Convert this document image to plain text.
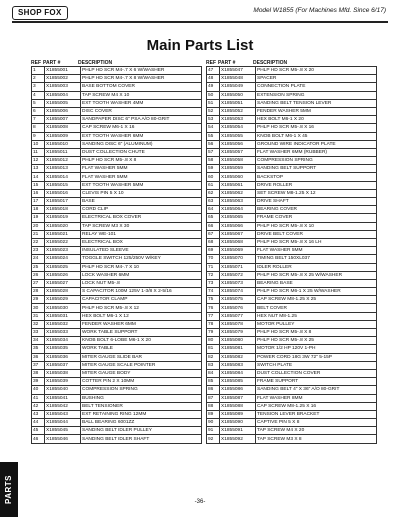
SHOP FOX	Model W1855 (For Machines Mfd. Since 6/17)
Main Parts List
REF PART #	DESCRIPTION
1	X1855001	PHLP HD SCR M4-.7 X 6 W/WASHER
2	X1855002	PHLP HD SCR M4-.7 X 8 W/WASHER
3	X1855003	BASE BOTTOM COVER
4	X1855004	TAP SCREW M4 X 10
5	X1855005	EXT TOOTH WASHER 4MM
6	X1855006	DISC COVER
7	X1855007	SANDPAPER DISC 6" PSA A/O 80-GRIT
8	X1855008	CAP SCREW M6-1 X 16
9	X1855009	EXT TOOTH WASHER 6MM
10	X1855010	SANDING DISC 6" (ALUMINUM)
11	X1855011	DUST COLLECTION CHUTE
12	X1855012	PHLP HD SCR M5-.8 X 8
13	X1855013	FLAT WASHER 5MM
14	X1855014	FLAT WASHER 5MM
15	X1855015	EXT TOOTH WASHER 5MM
16	X1855016	CLEVIS PIN 5 X 10
17	X1855017	BASE
18	X1855018	CORD CLIP
19	X1855019	ELECTRICAL BOX COVER
20	X1855020	TAP SCREW M3 X 30
21	X1855021	RELAY WE-101
22	X1855022	ELECTRICAL BOX
23	X1855023	INSULATED SLEEVE
24	X1855024	TOGGLE SWITCH 125/250V W/KEY
25	X1855025	PHLP HD SCR M4-.7 X 10
26	X1855026	LOCK WASHER 6MM
27	X1855027	LOCK NUT M5-.8
28	X1855028	S CAPACITOR 100M 125V 1-3/8 X 2-5/16
29	X1855029	CAPACITOR CLAMP
30	X1855030	PHLP HD SCR M5-.8 X 12
31	X1855031	HEX BOLT M6-1 X 12
32	X1855032	FENDER WASHER 6MM
33	X1855033	WORK TABLE SUPPORT
34	X1855034	KNOB BOLT 6-LOBE M6-1 X 20
35	X1855035	WORK TABLE
36	X1855036	MITER GAUGE SLIDE BAR
37	X1855037	MITER GAUGE SCALE POINTER
38	X1855038	MITER GAUGE BODY
39	X1855039	COTTER PIN 2 X 10MM
40	X1855040	COMPRESSION SPRING
41	X1855041	BUSHING
42	X1855042	BELT TENSIONER
43	X1855043	EXT RETAINING RING 12MM
44	X1855044	BALL BEARING 6001ZZ
45	X1855045	SANDING BELT IDLER PULLEY
46	X1855046	SANDING BELT IDLER SHAFT
REF PART #	DESCRIPTION
47	X1855047	PHLP HD SCR M5-.8 X 20
48	X1855048	SPACER
49	X1855049	CONNECTION PLATE
50	X1855050	EXTENSION SPRING
51	X1855051	SANDING BELT TENSION LEVER
52	X1855052	FENDER WASHER 5MM
53	X1855053	HEX BOLT M6-1 X 20
54	X1855054	PHLP HD SCR M5-.8 X 16
55	X1855055	KNOB BOLT M6-1 X 45
56	X1855056	GROUND WIRE INDICATOR PLATE
57	X1855057	FLAT WASHER 6MM (RUBBER)
58	X1855058	COMPRESSION SPRING
59	X1855059	SANDING BELT SUPPORT
60	X1855060	BACKSTOP
61	X1855061	DRIVE ROLLER
62	X1855062	SET SCREW M8-1.25 X 12
63	X1855063	DRIVE SHAFT
64	X1855064	BEARING COVER
65	X1855065	FRAME COVER
66	X1855066	PHLP HD SCR M5-.8 X 10
67	X1855067	DRIVE BELT COVER
68	X1855068	PHLP HD SCR M5-.8 X 16 LH
69	X1855069	FLAT WASHER 5MM
70	X1855070	TIMING BELT 150XL037
71	X1855071	IDLER ROLLER
72	X1855072	PHLP HD SCR M5-.8 X 25 W/WASHER
73	X1855073	BEARING BASE
74	X1855074	PHLP HD SCR M6-1 X 25 W/WASHER
75	X1855075	CAP SCREW M8-1.25 X 25
76	X1855076	BELT COVER
77	X1855077	HEX NUT M8-1.25
78	X1855078	MOTOR PULLEY
79	X1855079	PHLP HD SCR M5-.8 X 8
80	X1855080	PHLP HD SCR M5-.8 X 25
81	X1855081	MOTOR 1/2 HP 120V 1-PH
82	X1855082	POWER CORD 18G 3W 72" 5-15P
83	X1855083	SWITCH PLATE
84	X1855084	DUST COLLECTION COVER
85	X1855085	FRAME SUPPORT
86	X1855086	SANDING BELT 4" X 36" A/O 80-GRIT
87	X1855087	FLAT WASHER 8MM
88	X1855088	CAP SCREW M8-1.25 X 16
89	X1855089	TENSION LEVER BRACKET
90	X1855090	CAPTIVE PIN 5 X 8
91	X1855091	TAP SCREW M4 X 20
92	X1855092	TAP SCREW M3 X 8
PARTS	-36-
